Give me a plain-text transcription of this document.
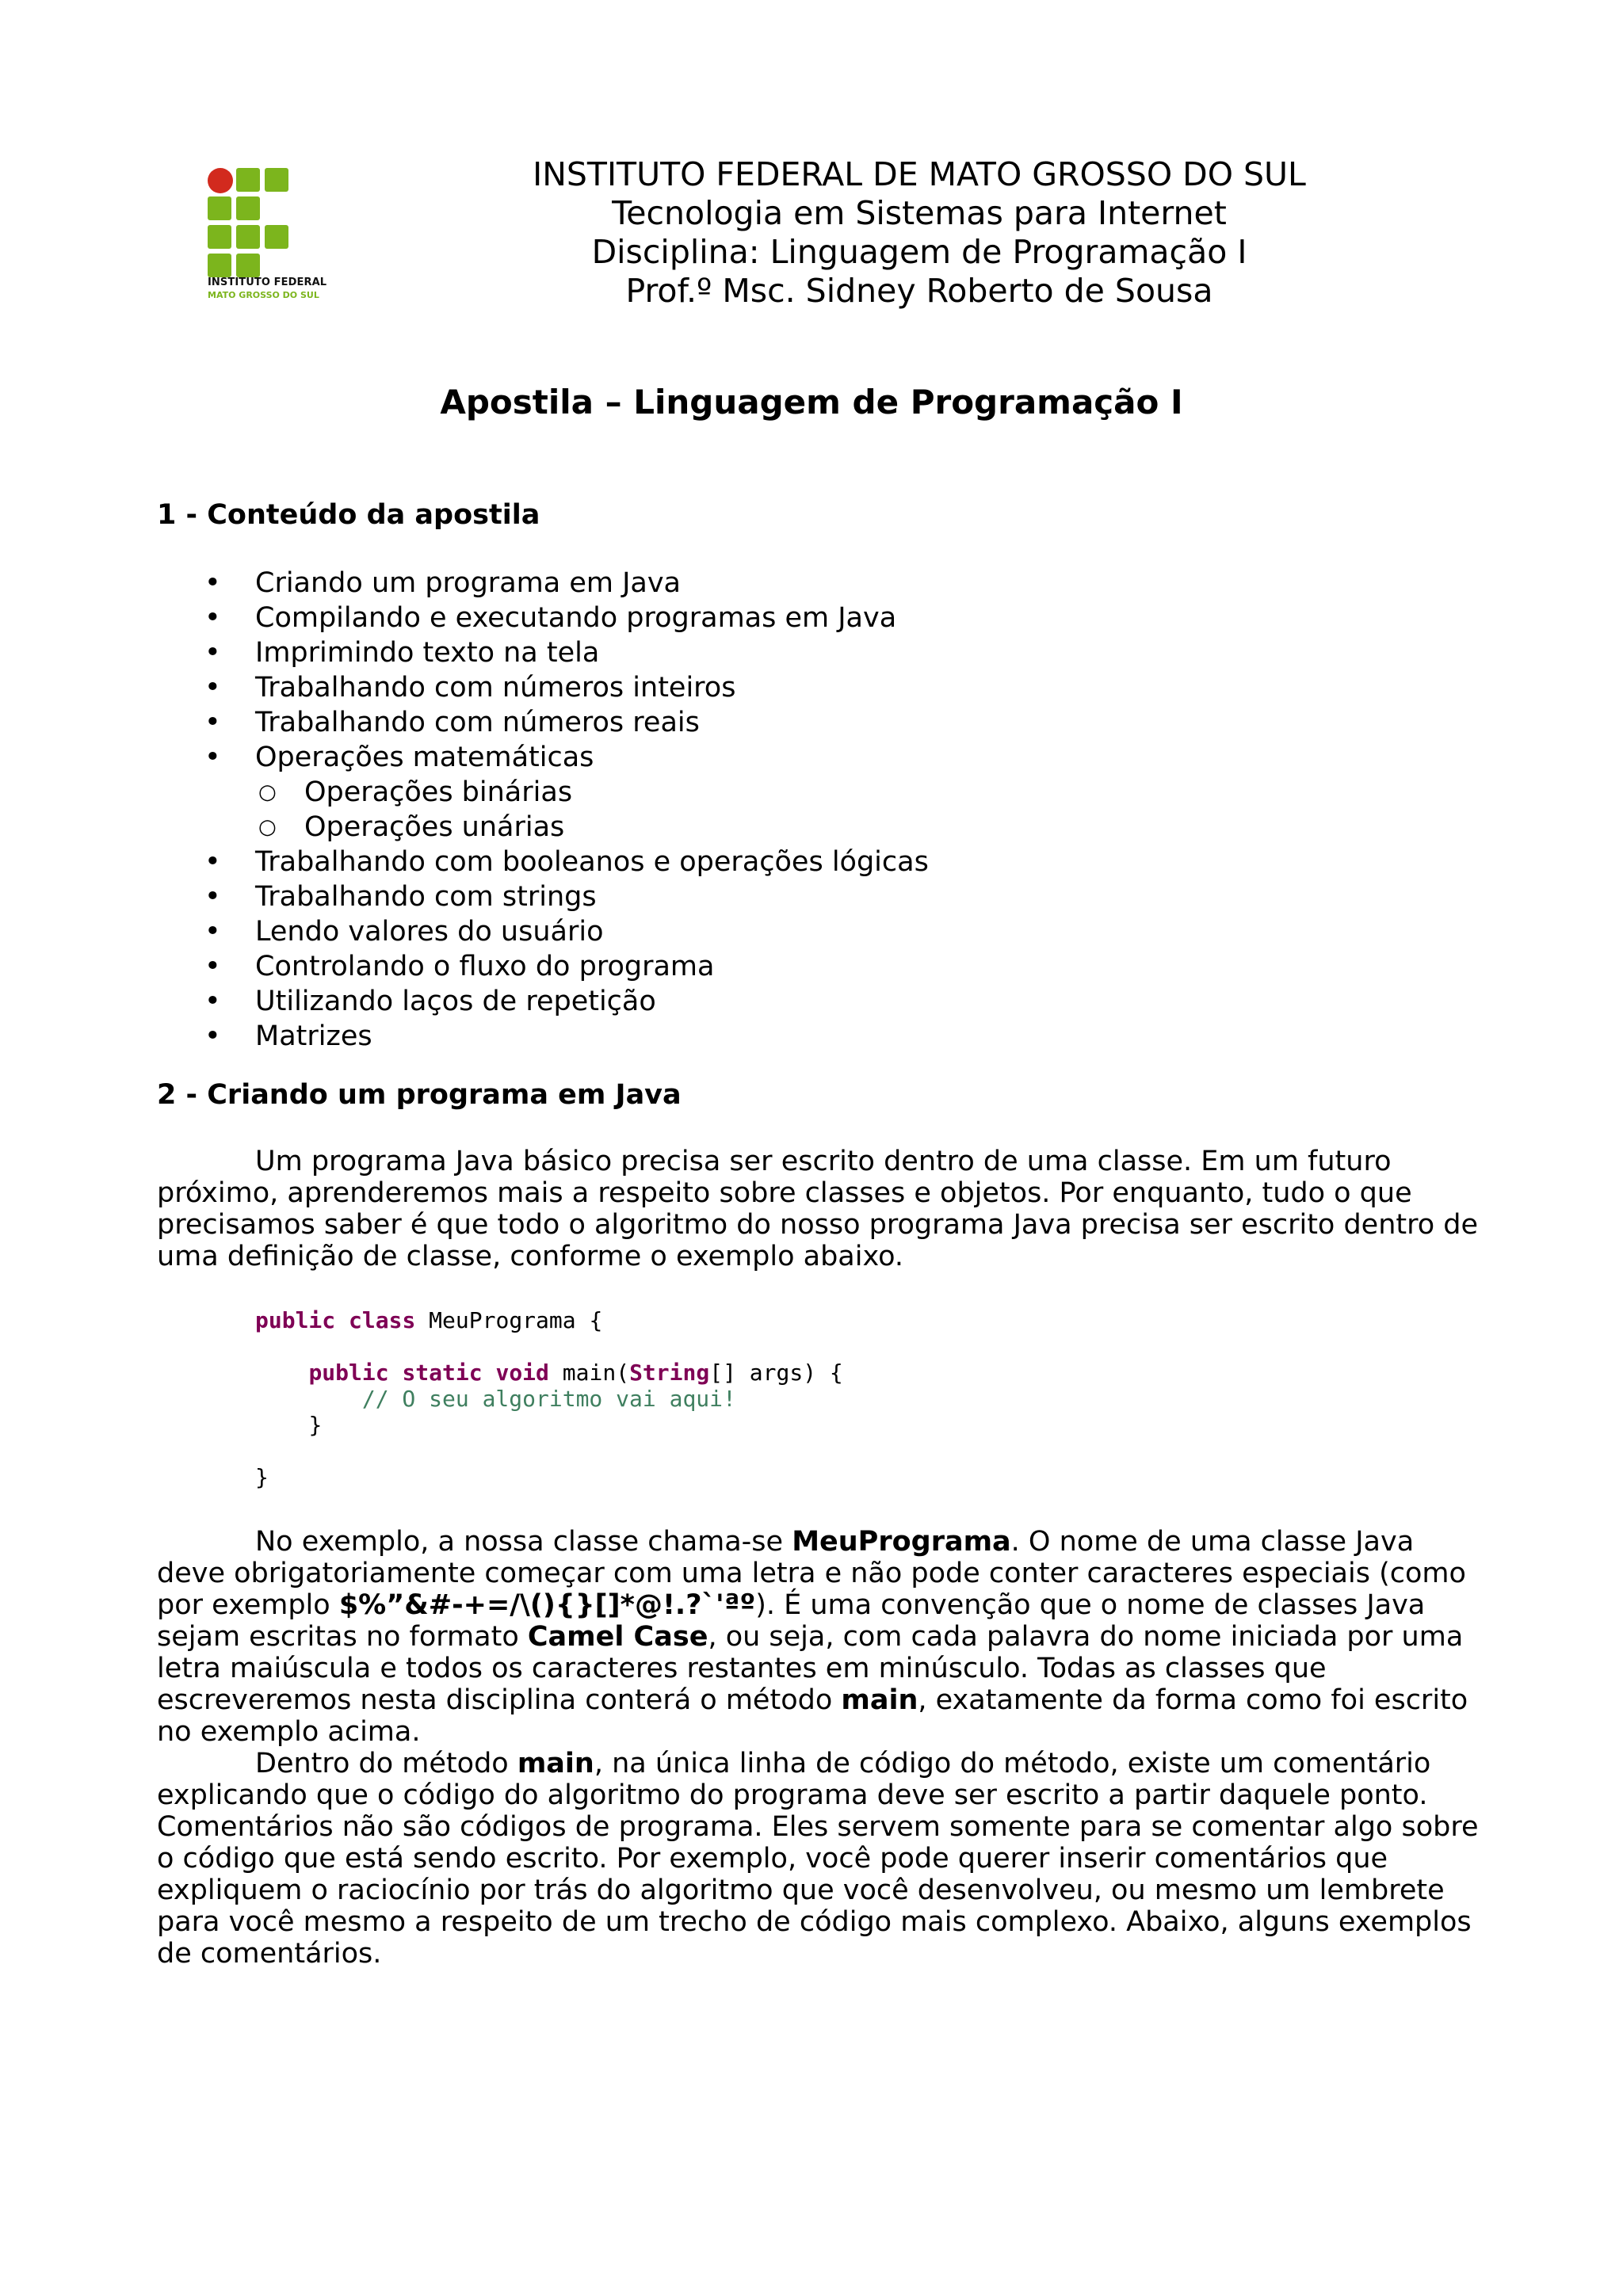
INSTITUTO FEDERAL
MATO GROSSO DO SUL
INSTITUTO FEDERAL DE MATO GROSSO DO SUL
Tecnologia em Sistemas para Internet
Disciplina: Linguagem de Programação I
Prof.º Msc. Sidney Roberto de Sousa
Apostila – Linguagem de Programação I
1 - Conteúdo da apostila
• Criando um programa em Java
• Compilando e executando programas em Java
• Imprimindo texto na tela
• Trabalhando com números inteiros
• Trabalhando com números reais
• Operações matemáticas
○ Operações binárias
○ Operações unárias
• Trabalhando com booleanos e operações lógicas
• Trabalhando com strings
• Lendo valores do usuário
• Controlando o fluxo do programa
• Utilizando laços de repetição
• Matrizes
2 - Criando um programa em Java

Um programa Java básico precisa ser escrito dentro de uma classe. Em um futuro próximo, aprenderemos mais a respeito sobre classes e objetos. Por enquanto, tudo o que precisamos saber é que todo o algoritmo do nosso programa Java precisa ser escrito dentro de uma definição de classe, conforme o exemplo abaixo.

public class MeuPrograma {

public static void main(String[] args) {
// O seu algoritmo vai aqui!
}

}

No exemplo, a nossa classe chama-se MeuPrograma. O nome de uma classe Java deve obrigatoriamente começar com uma letra e não pode conter caracteres especiais (como por exemplo $%”&#-+=/\(){}[]*@!.?`'ªº). É uma convenção que o nome de classes Java sejam escritas no formato Camel Case, ou seja, com cada palavra do nome iniciada por uma letra maiúscula e todos os caracteres restantes em minúsculo. Todas as classes que escreveremos nesta disciplina conterá o método main, exatamente da forma como foi escrito no exemplo acima.

Dentro do método main, na única linha de código do método, existe um comentário explicando que o código do algoritmo do programa deve ser escrito a partir daquele ponto. Comentários não são códigos de programa. Eles servem somente para se comentar algo sobre o código que está sendo escrito. Por exemplo, você pode querer inserir comentários que expliquem o raciocínio por trás do algoritmo que você desenvolveu, ou mesmo um lembrete para você mesmo a respeito de um trecho de código mais complexo. Abaixo, alguns exemplos de comentários.
